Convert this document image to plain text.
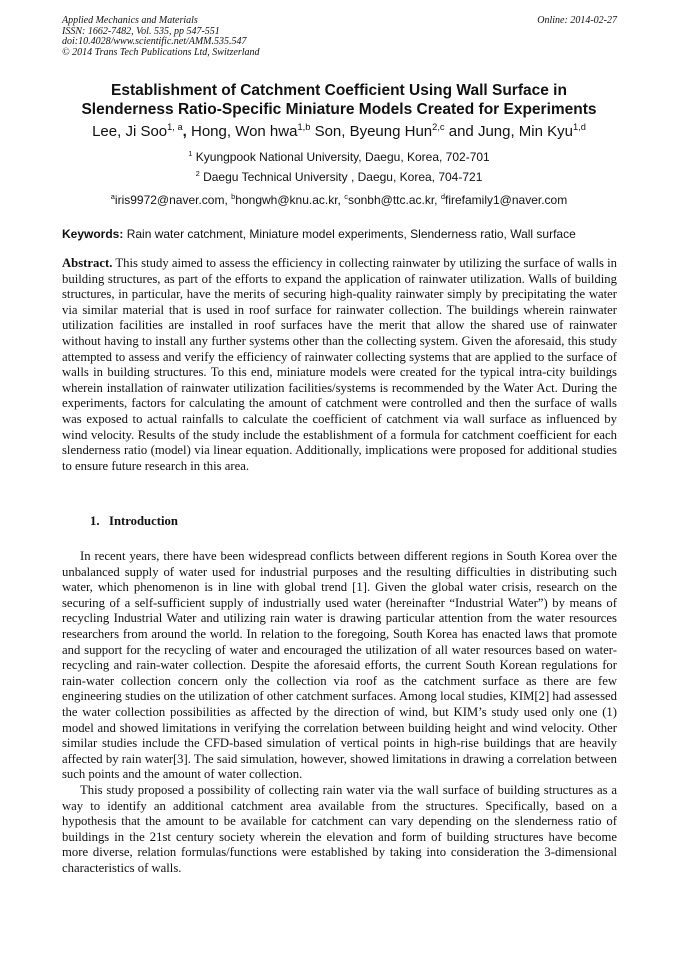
Applied Mechanics and Materials
ISSN: 1662-7482, Vol. 535, pp 547-551
doi:10.4028/www.scientific.net/AMM.535.547
© 2014 Trans Tech Publications Ltd, Switzerland
Online: 2014-02-27
Establishment of Catchment Coefficient Using Wall Surface in
Slenderness Ratio-Specific Miniature Models Created for Experiments
Lee, Ji Soo$^{1, a}$, Hong, Won hwa$^{1,b}$ Son, Byeung Hun$^{2,c}$ and Jung, Min Kyu$^{1,d}$
$^1$ Kyungpook National University, Daegu, Korea, 702-701
$^2$ Daegu Technical University , Daegu, Korea, 704-721
$^a$iris9972@naver.com, $^b$hongwh@knu.ac.kr, $^c$sonbh@ttc.ac.kr, $^d$firefamily1@naver.com
Keywords: Rain water catchment, Miniature model experiments, Slenderness ratio, Wall surface
Abstract. This study aimed to assess the efficiency in collecting rainwater by utilizing the surface of walls in building structures, as part of the efforts to expand the application of rainwater utilization. Walls of building structures, in particular, have the merits of securing high-quality rainwater simply by precipitating the water via similar material that is used in roof surface for rainwater collection. The buildings wherein rainwater utilization facilities are installed in roof surfaces have the merit that allow the shared use of rainwater without having to install any further systems other than the collecting system. Given the aforesaid, this study attempted to assess and verify the efficiency of rainwater collecting systems that are applied to the surface of walls in building structures. To this end, miniature models were created for the typical intra-city buildings wherein installation of rainwater utilization facilities/systems is recommended by the Water Act. During the experiments, factors for calculating the amount of catchment were controlled and then the surface of walls was exposed to actual rainfalls to calculate the coefficient of catchment via wall surface as influenced by wind velocity. Results of the study include the establishment of a formula for catchment coefficient for each slenderness ratio (model) via linear equation. Additionally, implications were proposed for additional studies to ensure future research in this area.
1. Introduction

In recent years, there have been widespread conflicts between different regions in South Korea over the unbalanced supply of water used for industrial purposes and the resulting difficulties in distributing such water, which phenomenon is in line with global trend [1]. Given the global water crisis, research on the securing of a self-sufficient supply of industrially used water (hereinafter “Industrial Water”) by means of recycling Industrial Water and utilizing rain water is drawing particular attention from the water resources researchers from around the world. In relation to the foregoing, South Korea has enacted laws that promote and support for the recycling of water and encouraged the utilization of all water resources based on water-recycling and rain-water collection. Despite the aforesaid efforts, the current South Korean regulations for rain-water collection concern only the collection via roof as the catchment surface as there are few engineering studies on the utilization of other catchment surfaces. Among local studies, KIM[2] had assessed the water collection possibilities as affected by the direction of wind, but KIM’s study used only one (1) model and showed limitations in verifying the correlation between building height and wind velocity. Other similar studies include the CFD-based simulation of vertical points in high-rise buildings that are heavily affected by rain water[3]. The said simulation, however, showed limitations in drawing a correlation between such points and the amount of water collection.

This study proposed a possibility of collecting rain water via the wall surface of building structures as a way to identify an additional catchment area available from the structures. Specifically, based on a hypothesis that the amount to be available for catchment can vary depending on the slenderness ratio of buildings in the 21st century society wherein the elevation and form of building structures have become more diverse, relation formulas/functions were established by taking into consideration the 3-dimensional characteristics of walls.
